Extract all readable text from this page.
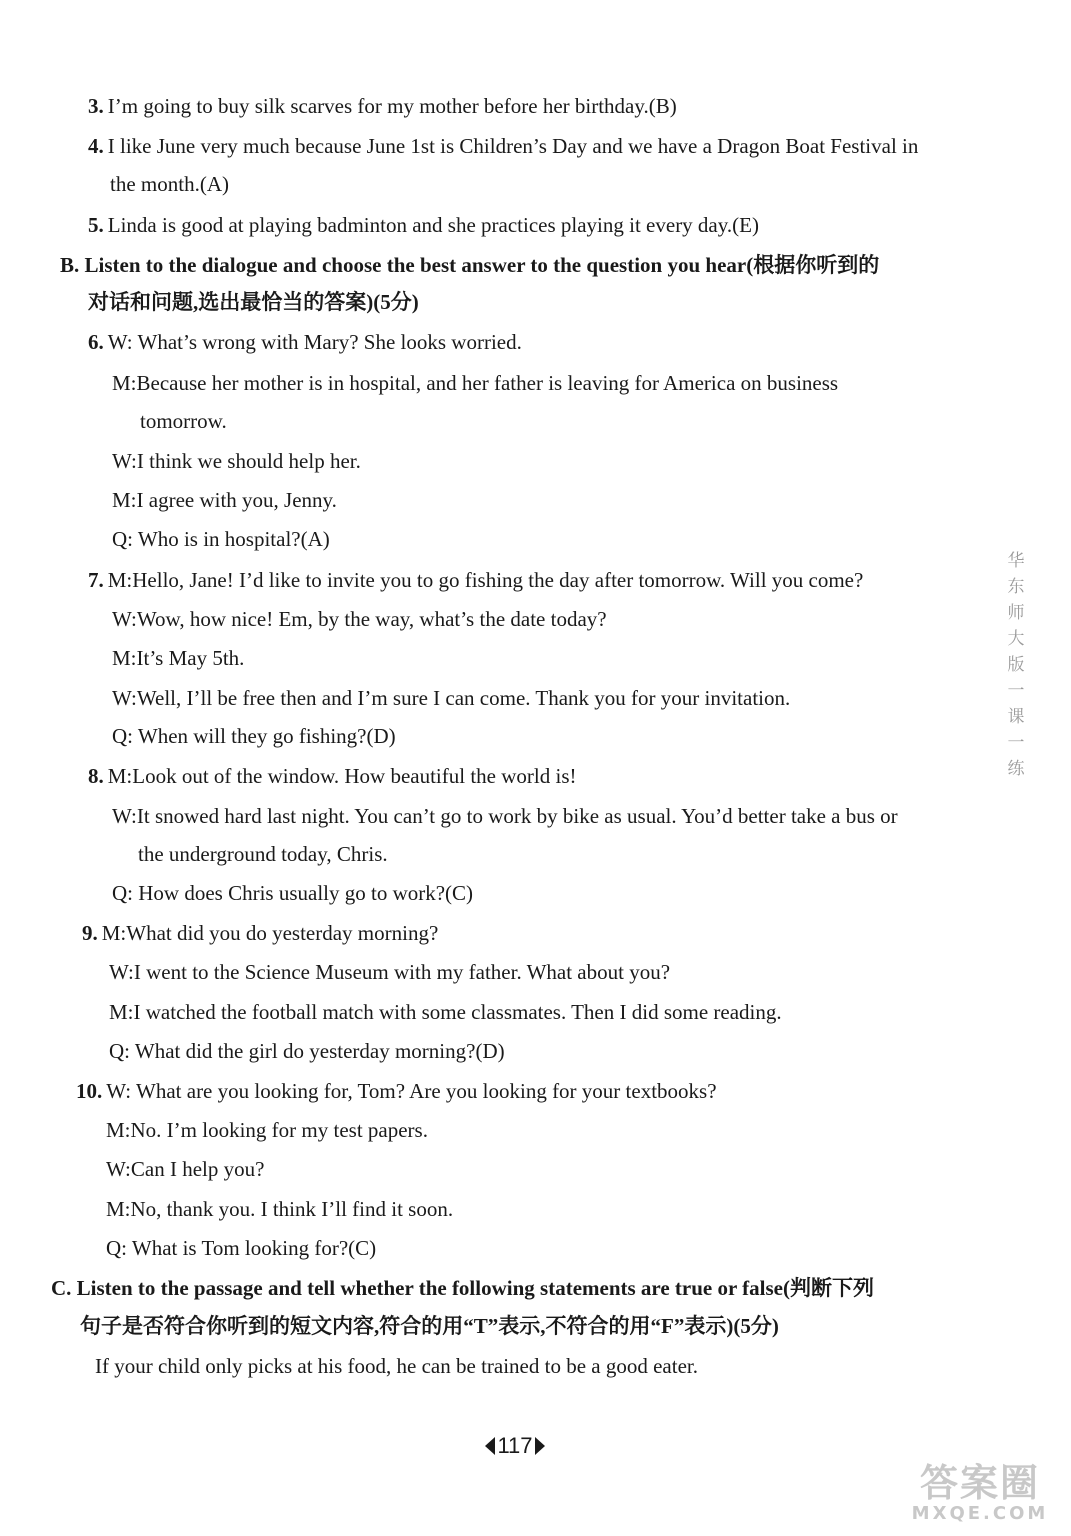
3. I’m going to buy silk scarves for my mother before her birthday.(B)
4. I like June very much because June 1st is Children’s Day and we have a Dragon Boat Festival in
the month.(A)
5. Linda is good at playing badminton and she practices playing it every day.(E)
B. Listen to the dialogue and choose the best answer to the question you hear(根据你听到的
对话和问题,选出最恰当的答案)(5分)
6. W: What’s wrong with Mary? She looks worried.
M:Because her mother is in hospital, and her father is leaving for America on business
tomorrow.
W:I think we should help her.
M:I agree with you, Jenny.
Q: Who is in hospital?(A)
7. M:Hello, Jane! I’d like to invite you to go fishing the day after tomorrow. Will you come?
W:Wow, how nice! Em, by the way, what’s the date today?
M:It’s May 5th.
W:Well, I’ll be free then and I’m sure I can come. Thank you for your invitation.
Q: When will they go fishing?(D)
8. M:Look out of the window. How beautiful the world is!
W:It snowed hard last night. You can’t go to work by bike as usual. You’d better take a bus or
the underground today, Chris.
Q: How does Chris usually go to work?(C)
9. M:What did you do yesterday morning?
W:I went to the Science Museum with my father. What about you?
M:I watched the football match with some classmates. Then I did some reading.
Q: What did the girl do yesterday morning?(D)
10. W: What are you looking for, Tom? Are you looking for your textbooks?
M:No. I’m looking for my test papers.
W:Can I help you?
M:No, thank you. I think I’ll find it soon.
Q: What is Tom looking for?(C)
C. Listen to the passage and tell whether the following statements are true or false(判断下列
句子是否符合你听到的短文内容,符合的用“T”表示,不符合的用“F”表示)(5分)
If your child only picks at his food, he can be trained to be a good eater.
华
东
师
大
版
一
课
一
练
117
答案圈
MXQE.COM
